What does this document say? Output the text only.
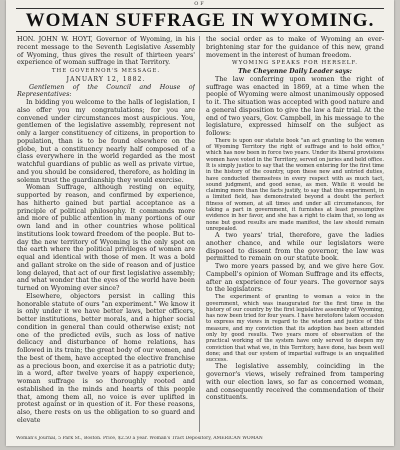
OF
WOMAN SUFFRAGE IN WYOMING.

HON. JOHN W. HOYT, Governor of Wyoming, in his recent message to the Seventh Legislative Assembly of Wyoming, thus gives the result of thirteen years' experience of woman suffrage in that Territory.

THE GOVERNOR'S MESSAGE.

JANUARY 12, 1882.

Gentlemen of the Council and House of Representatives:

In bidding you welcome to the halls of legislation, I also offer you my congratulations; for you are convened under circumstances most auspicious. You, gentlemen of the legislative assembly, represent not only a larger constituency of citizens, in proportion to population, than is to be found elsewhere on the globe, but a constituency nearly half composed of a class everywhere in the world regarded as the most watchful guardians of public as well as private virtue, and you should be considered, therefore, as holding in solemn trust the guardianship they would exercise.

Woman Suffrage, although resting on equity, supported by reason, and confirmed by experience, has hitherto gained but partial acceptance as a principle of political philosophy. It commands more and more of public attention in many portions of our own land and in other countries whose political institutions look toward freedom of the people. But to-day the new territory of Wyoming is the only spot on the earth where the political privileges of women are equal and identical with those of men. It was a bold and gallant stroke on the side of reason and of justice long delayed, that act of our first legislative assembly; and what wonder that the eyes of the world have been turned on Wyoming ever since?

Elsewhere, objectors persist in calling this honorable statute of ours "an experiment." We know it is only under it we have better laws, better officers, better institutions, better morals, and a higher social condition in general than could otherwise exist; not one of the predicted evils, such as loss of native delicacy and disturbance of home relations, has followed in its train; the great body of our women, and the best of them, have accepted the elective franchise as a precious boon, and exercise it as a patriotic duty; in a word, after twelve years of happy experience, woman suffrage is so thoroughly rooted and established in the minds and hearts of this people that, among them all, no voice is ever uplifted in protest against or in question of it. For these reasons, also, there rests on us the obligation to so guard and elevate

the social order as to make of Wyoming an ever-brightening star for the guidance of this new, grand movement in the interest of human freedom.

WYOMING SPEAKS FOR HERSELF.

The Cheyenne Daily Leader says:

The law conferring upon women the right of suffrage was enacted in 1869, at a time when the people of Wyoming were almost unanimously opposed to it. The situation was accepted with good nature and a general disposition to give the law a fair trial. At the end of two years, Gov. Campbell, in his message to the legislature, expressed himself on the subject as follows:

There is upon our statute book "an act granting to the women of Wyoming Territory the right of suffrage and to hold office," which has now been in force two years. Under its liberal provisions women have voted in the Territory, served on juries and held office. It is simply justice to say that the women entering for the first time in the history of the country, upon these new and untried duties, have conducted themselves in every respect with as much tact, sound judgment, and good sense, as men. While it would be claiming more than the facts justify, to say that this experiment, in a limited field, has demonstrated beyond a doubt the perfect fitness of women, at all times and under all circumstances, for taking a part in government, it furnishes at least presumptive evidence in her favor, and she has a right to claim that, so long as none but good results are made manifest, the law should remain unrepealed.

A two years' trial, therefore, gave the ladies another chance, and while our legislators were disposed to dissent from the governor, the law was permitted to remain on our statute book.

Two more years passed by, and we give here Gov. Campbell's opinion of Woman Suffrage and its effects, after an experience of four years. The governor says to the legislators:

The experiment of granting to woman a voice in the government, which was inaugurated for the first time in the history of our country by the first legislative assembly of Wyoming, has now been tried for four years. I have heretofore taken occasion to express my views in regard to the wisdom and justice of this measure, and my conviction that its adoption has been attended only by good results. Two years more of observation of the practical working of the system have only served to deepen my conviction that what we, in this Territory, have done, has been well done; and that our system of impartial suffrage is an unqualified success.

The legislative assembly, coinciding in the governor's views, wisely refrained from tampering with our election laws, so far as concerned woman, and consequently received the commendation of their constituents.

Woman's Journal, 5 Park St., Boston. Price, $2.50 a year. Woman's Tract Depository, AMERICAN WOMAN
